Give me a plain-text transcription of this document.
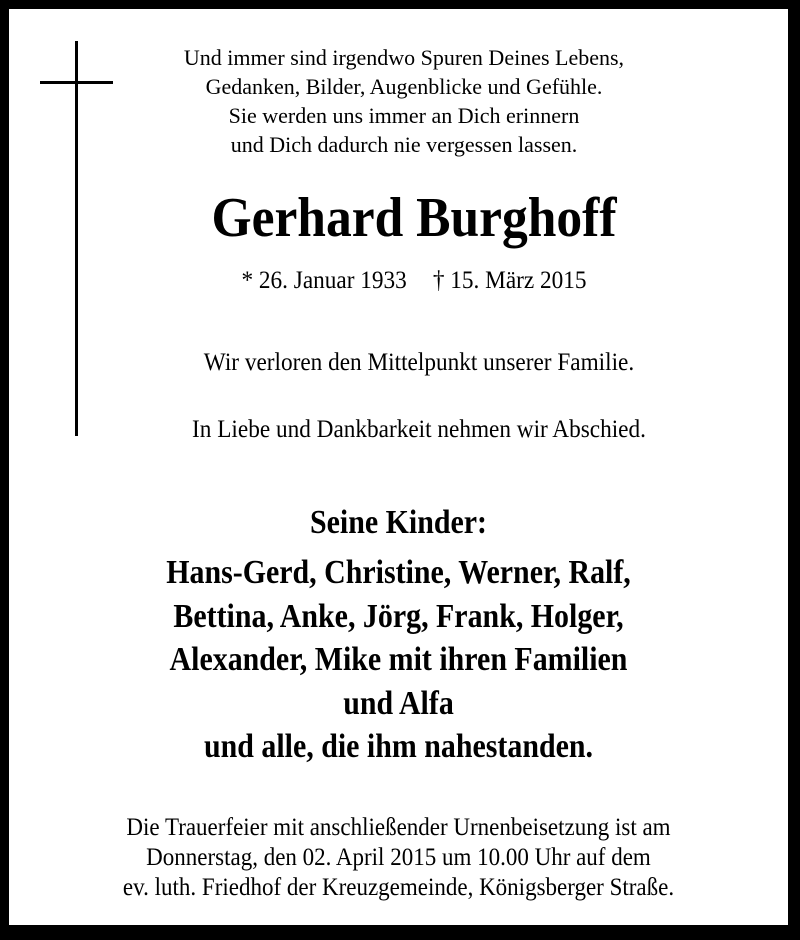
Und immer sind irgendwo Spuren Deines Lebens,
Gedanken, Bilder, Augenblicke und Gefühle.
Sie werden uns immer an Dich erinnern
und Dich dadurch nie vergessen lassen.
Gerhard Burghoff
* 26. Januar 1933 † 15. März 2015
Wir verloren den Mittelpunkt unserer Familie.
In Liebe und Dankbarkeit nehmen wir Abschied.
Seine Kinder:
Hans-Gerd, Christine, Werner, Ralf,
Bettina, Anke, Jörg, Frank, Holger,
Alexander, Mike mit ihren Familien
und Alfa
und alle, die ihm nahestanden.
Die Trauerfeier mit anschließender Urnenbeisetzung ist am
Donnerstag, den 02. April 2015 um 10.00 Uhr auf dem
ev. luth. Friedhof der Kreuzgemeinde, Königsberger Straße.
